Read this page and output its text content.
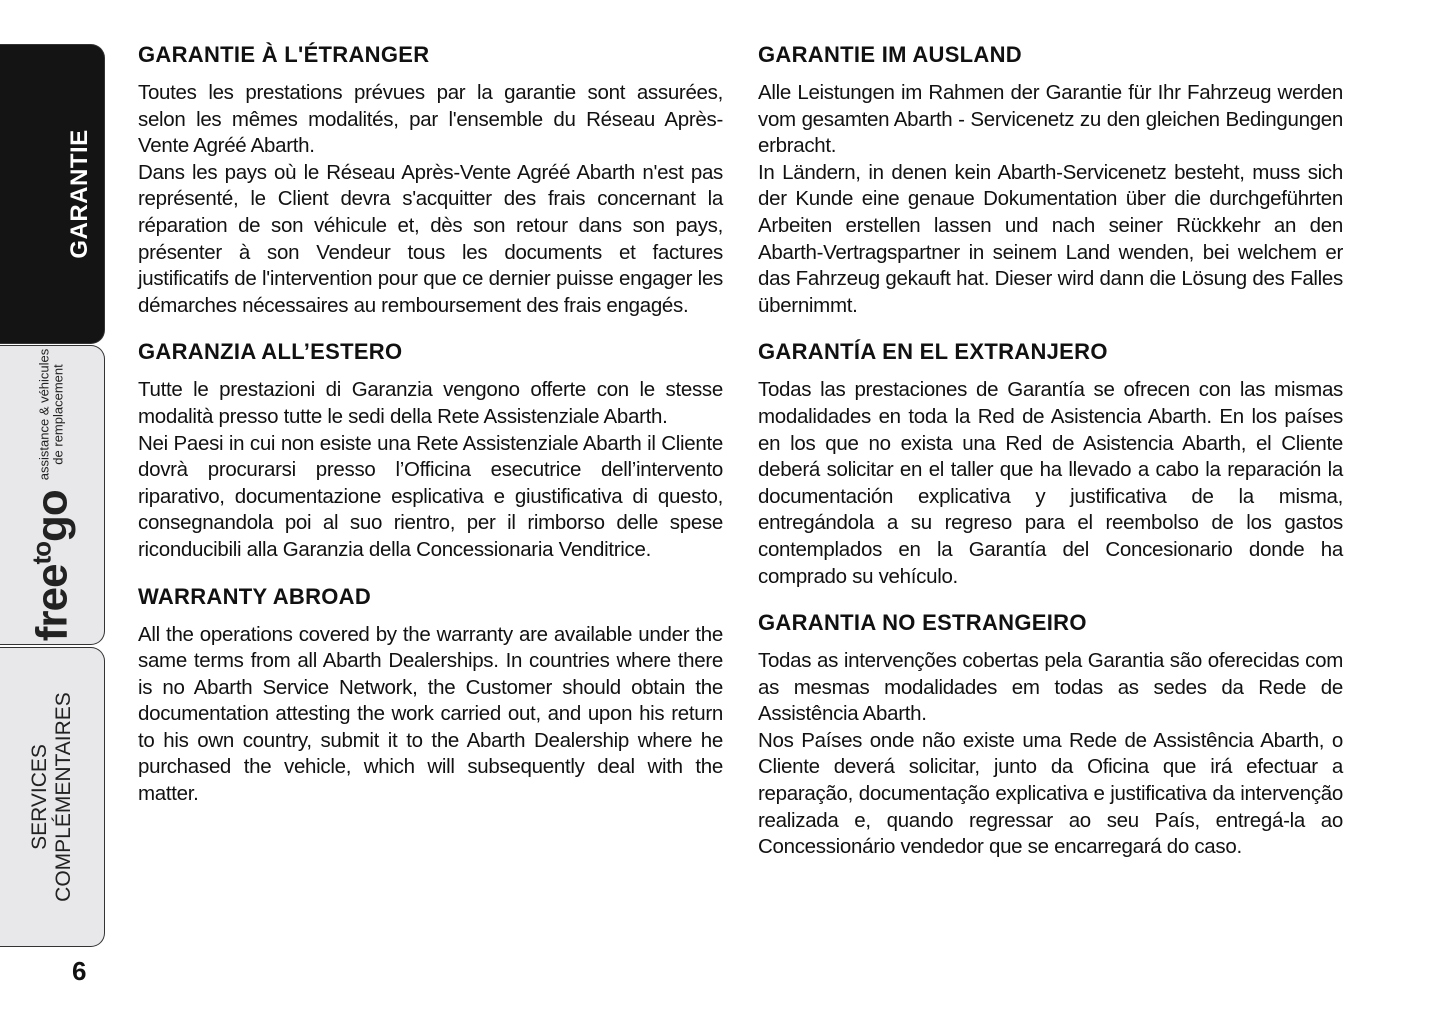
GARANTIE
free$^{to}$go
assistance & véhicules
de remplacement
SERVICES
COMPLÉMENTAIRES
6
GARANTIE À L'ÉTRANGER

Toutes les prestations prévues par la garantie sont assurées, selon les mêmes modalités, par l'ensemble du Réseau Après-Vente Agréé Abarth.

Dans les pays où le Réseau Après-Vente Agréé Abarth n'est pas représenté, le Client devra s'acquitter des frais concernant la réparation de son véhicule et, dès son retour dans son pays, présenter à son Vendeur tous les documents et factures justificatifs de l'intervention pour que ce dernier puisse engager les démarches nécessaires au remboursement des frais engagés.

GARANZIA ALL’ESTERO

Tutte le prestazioni di Garanzia vengono offerte con le stesse modalità presso tutte le sedi della Rete Assistenziale Abarth.

Nei Paesi in cui non esiste una Rete Assistenziale Abarth il Cliente dovrà procurarsi presso l’Officina esecutrice dell’intervento riparativo, documentazione esplicativa e giustificativa di questo, consegnandola poi al suo rientro, per il rimborso delle spese riconducibili alla Garanzia della Concessionaria Venditrice.

WARRANTY ABROAD

All the operations covered by the warranty are available under the same terms from all Abarth Dealerships. In countries where there is no Abarth Service Network, the Customer should obtain the documentation attesting the work carried out, and upon his return to his own country, submit it to the Abarth Dealership where he purchased the vehicle, which will subsequently deal with the matter.

GARANTIE IM AUSLAND

Alle Leistungen im Rahmen der Garantie für Ihr Fahrzeug werden vom gesamten Abarth - Servicenetz zu den gleichen Bedingungen erbracht.

In Ländern, in denen kein Abarth-Servicenetz besteht, muss sich der Kunde eine genaue Dokumentation über die durchgeführten Arbeiten erstellen lassen und nach seiner Rückkehr an den Abarth-Vertragspartner in seinem Land wenden, bei welchem er das Fahrzeug gekauft hat. Dieser wird dann die Lösung des Falles übernimmt.

GARANTÍA EN EL EXTRANJERO

Todas las prestaciones de Garantía se ofrecen con las mismas modalidades en toda la Red de Asistencia Abarth. En los países en los que no exista una Red de Asistencia Abarth, el Cliente deberá solicitar en el taller que ha llevado a cabo la reparación la documentación explicativa y justificativa de la misma, entregándola a su regreso para el reembolso de los gastos contemplados en la Garantía del Concesionario donde ha comprado su vehículo.

GARANTIA NO ESTRANGEIRO

Todas as intervenções cobertas pela Garantia são oferecidas com as mesmas modalidades em todas as sedes da Rede de Assistência Abarth.

Nos Países onde não existe uma Rede de Assistência Abarth, o Cliente deverá solicitar, junto da Oficina que irá efectuar a reparação, documentação explicativa e justificativa da intervenção realizada e, quando regressar ao seu País, entregá-la ao Concessionário vendedor que se encarregará do caso.
